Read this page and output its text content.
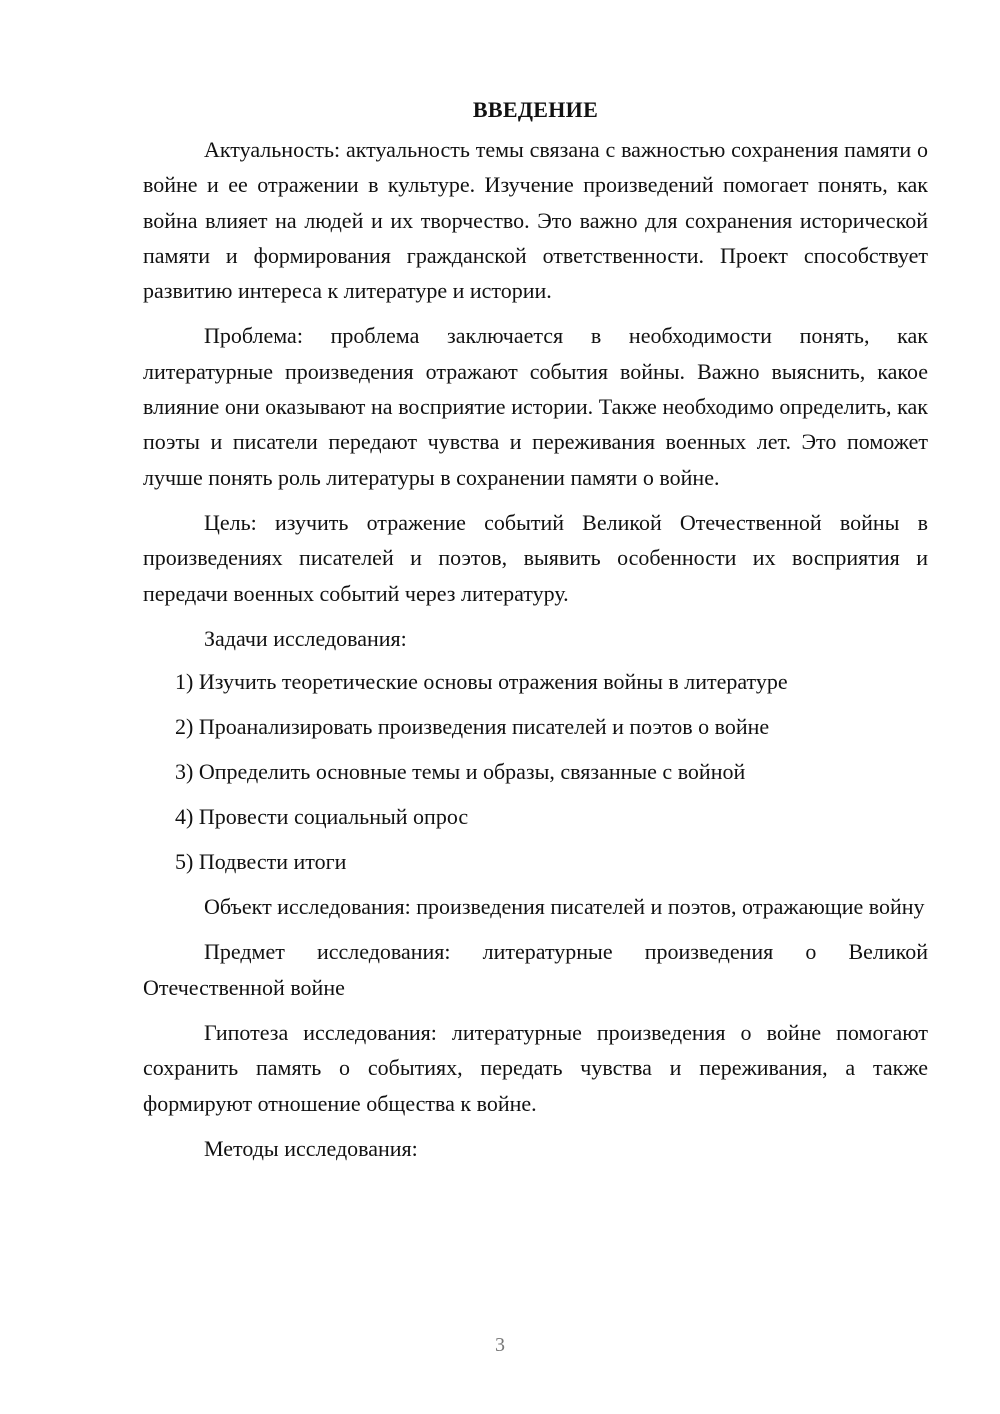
ВВЕДЕНИЕ

Актуальность: актуальность темы связана с важностью сохранения памяти о войне и ее отражении в культуре. Изучение произведений помогает понять, как война влияет на людей и их творчество. Это важно для сохранения исторической памяти и формирования гражданской ответственности. Проект способствует развитию интереса к литературе и истории.

Проблема: проблема заключается в необходимости понять, как литературные произведения отражают события войны. Важно выяснить, какое влияние они оказывают на восприятие истории. Также необходимо определить, как поэты и писатели передают чувства и переживания военных лет. Это поможет лучше понять роль литературы в сохранении памяти о войне.

Цель: изучить отражение событий Великой Отечественной войны в произведениях писателей и поэтов, выявить особенности их восприятия и передачи военных событий через литературу.

Задачи исследования:

1) Изучить теоретические основы отражения войны в литературе
2) Проанализировать произведения писателей и поэтов о войне
3) Определить основные темы и образы, связанные с войной
4) Провести социальный опрос
5) Подвести итоги

Объект исследования: произведения писателей и поэтов, отражающие войну

Предмет исследования: литературные произведения о Великой Отечественной войне

Гипотеза исследования: литературные произведения о войне помогают сохранить память о событиях, передать чувства и переживания, а также формируют отношение общества к войне.

Методы исследования:

3
